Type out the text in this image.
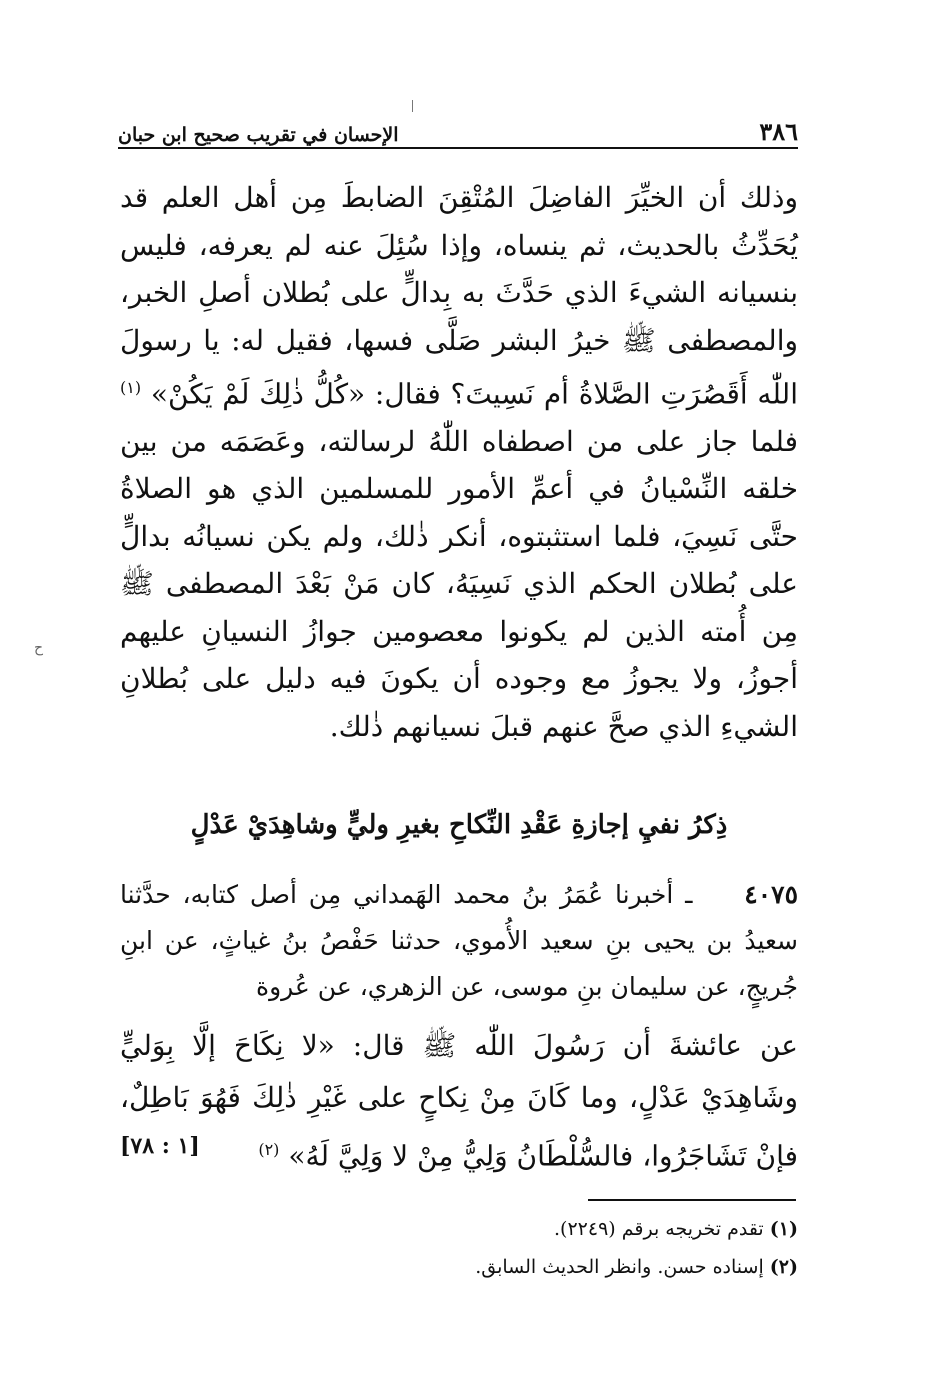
٣٨٦
الإحسان في تقريب صحيح ابن حبان
وذلك أن الخيِّرَ الفاضِلَ المُتْقِنَ الضابطَ مِن أهل العلم قد يُحَدِّثُ بالحديث، ثم ينساه، وإذا سُئِلَ عنه لم يعرفه، فليس بنسيانه الشيءَ الذي حَدَّثَ به بِدالٍّ على بُطلان أصلِ الخبر، والمصطفى ﷺ خيرُ البشر صَلَّى فسها، فقيل له: يا رسولَ اللّٰه أَقَصُرَتِ الصَّلاةُ أم نَسِيتَ؟ فقال: «كُلُّ ذٰلِكَ لَمْ يَكُنْ» $^{(١)}$ فلما جاز على من اصطفاه اللّٰهُ لرسالته، وعَصَمَه من بين خلقه النِّسْيانُ في أعمِّ الأمور للمسلمين الذي هو الصلاةُ حتَّى نَسِيَ، فلما استثبتوه، أنكر ذٰلك، ولم يكن نسيانُه بدالٍّ على بُطلان الحكم الذي نَسِيَهُ، كان مَنْ بَعْدَ المصطفى ﷺ مِن أُمته الذين لم يكونوا معصومين جوازُ النسيانِ عليهم أجوزُ، ولا يجوزُ مع وجوده أن يكونَ فيه دليل على بُطلانِ الشيءِ الذي صحَّ عنهم قبلَ نسيانهم ذٰلك.
ذِكرُ نفيِ إجازةِ عَقْدِ النِّكاحِ بغيرِ وليٍّ وشاهِدَيْ عَدْلٍ
٤٠٧٥ ـ أخبرنا عُمَرُ بنُ محمد الهَمداني مِن أصل كتابه، حدَّثنا سعيدُ بن يحيى بنِ سعيد الأُموي، حدثنا حَفْصُ بنُ غياثٍ، عن ابنِ جُريجٍ، عن سليمان بنِ موسى، عن الزهري، عن عُروة
عن عائشةَ أن رَسُولَ اللّٰه ﷺ قال: «لا نِكَاحَ إلَّا بِوَليٍّ وشَاهِدَيْ عَدْلٍ، وما كَانَ مِنْ نِكاحٍ على غَيْرِ ذٰلِكَ فَهُوَ بَاطِلٌ، فإنْ تَشَاجَرُوا، فالسُّلْطَانُ وَلِيُّ مِنْ لا وَلِيَّ لَهُ» $^{(٢)}$
[١ : ٧٨]
(١) تقدم تخريجه برقم (٢٢٤٩).
(٢) إسناده حسن. وانظر الحديث السابق.
ح
